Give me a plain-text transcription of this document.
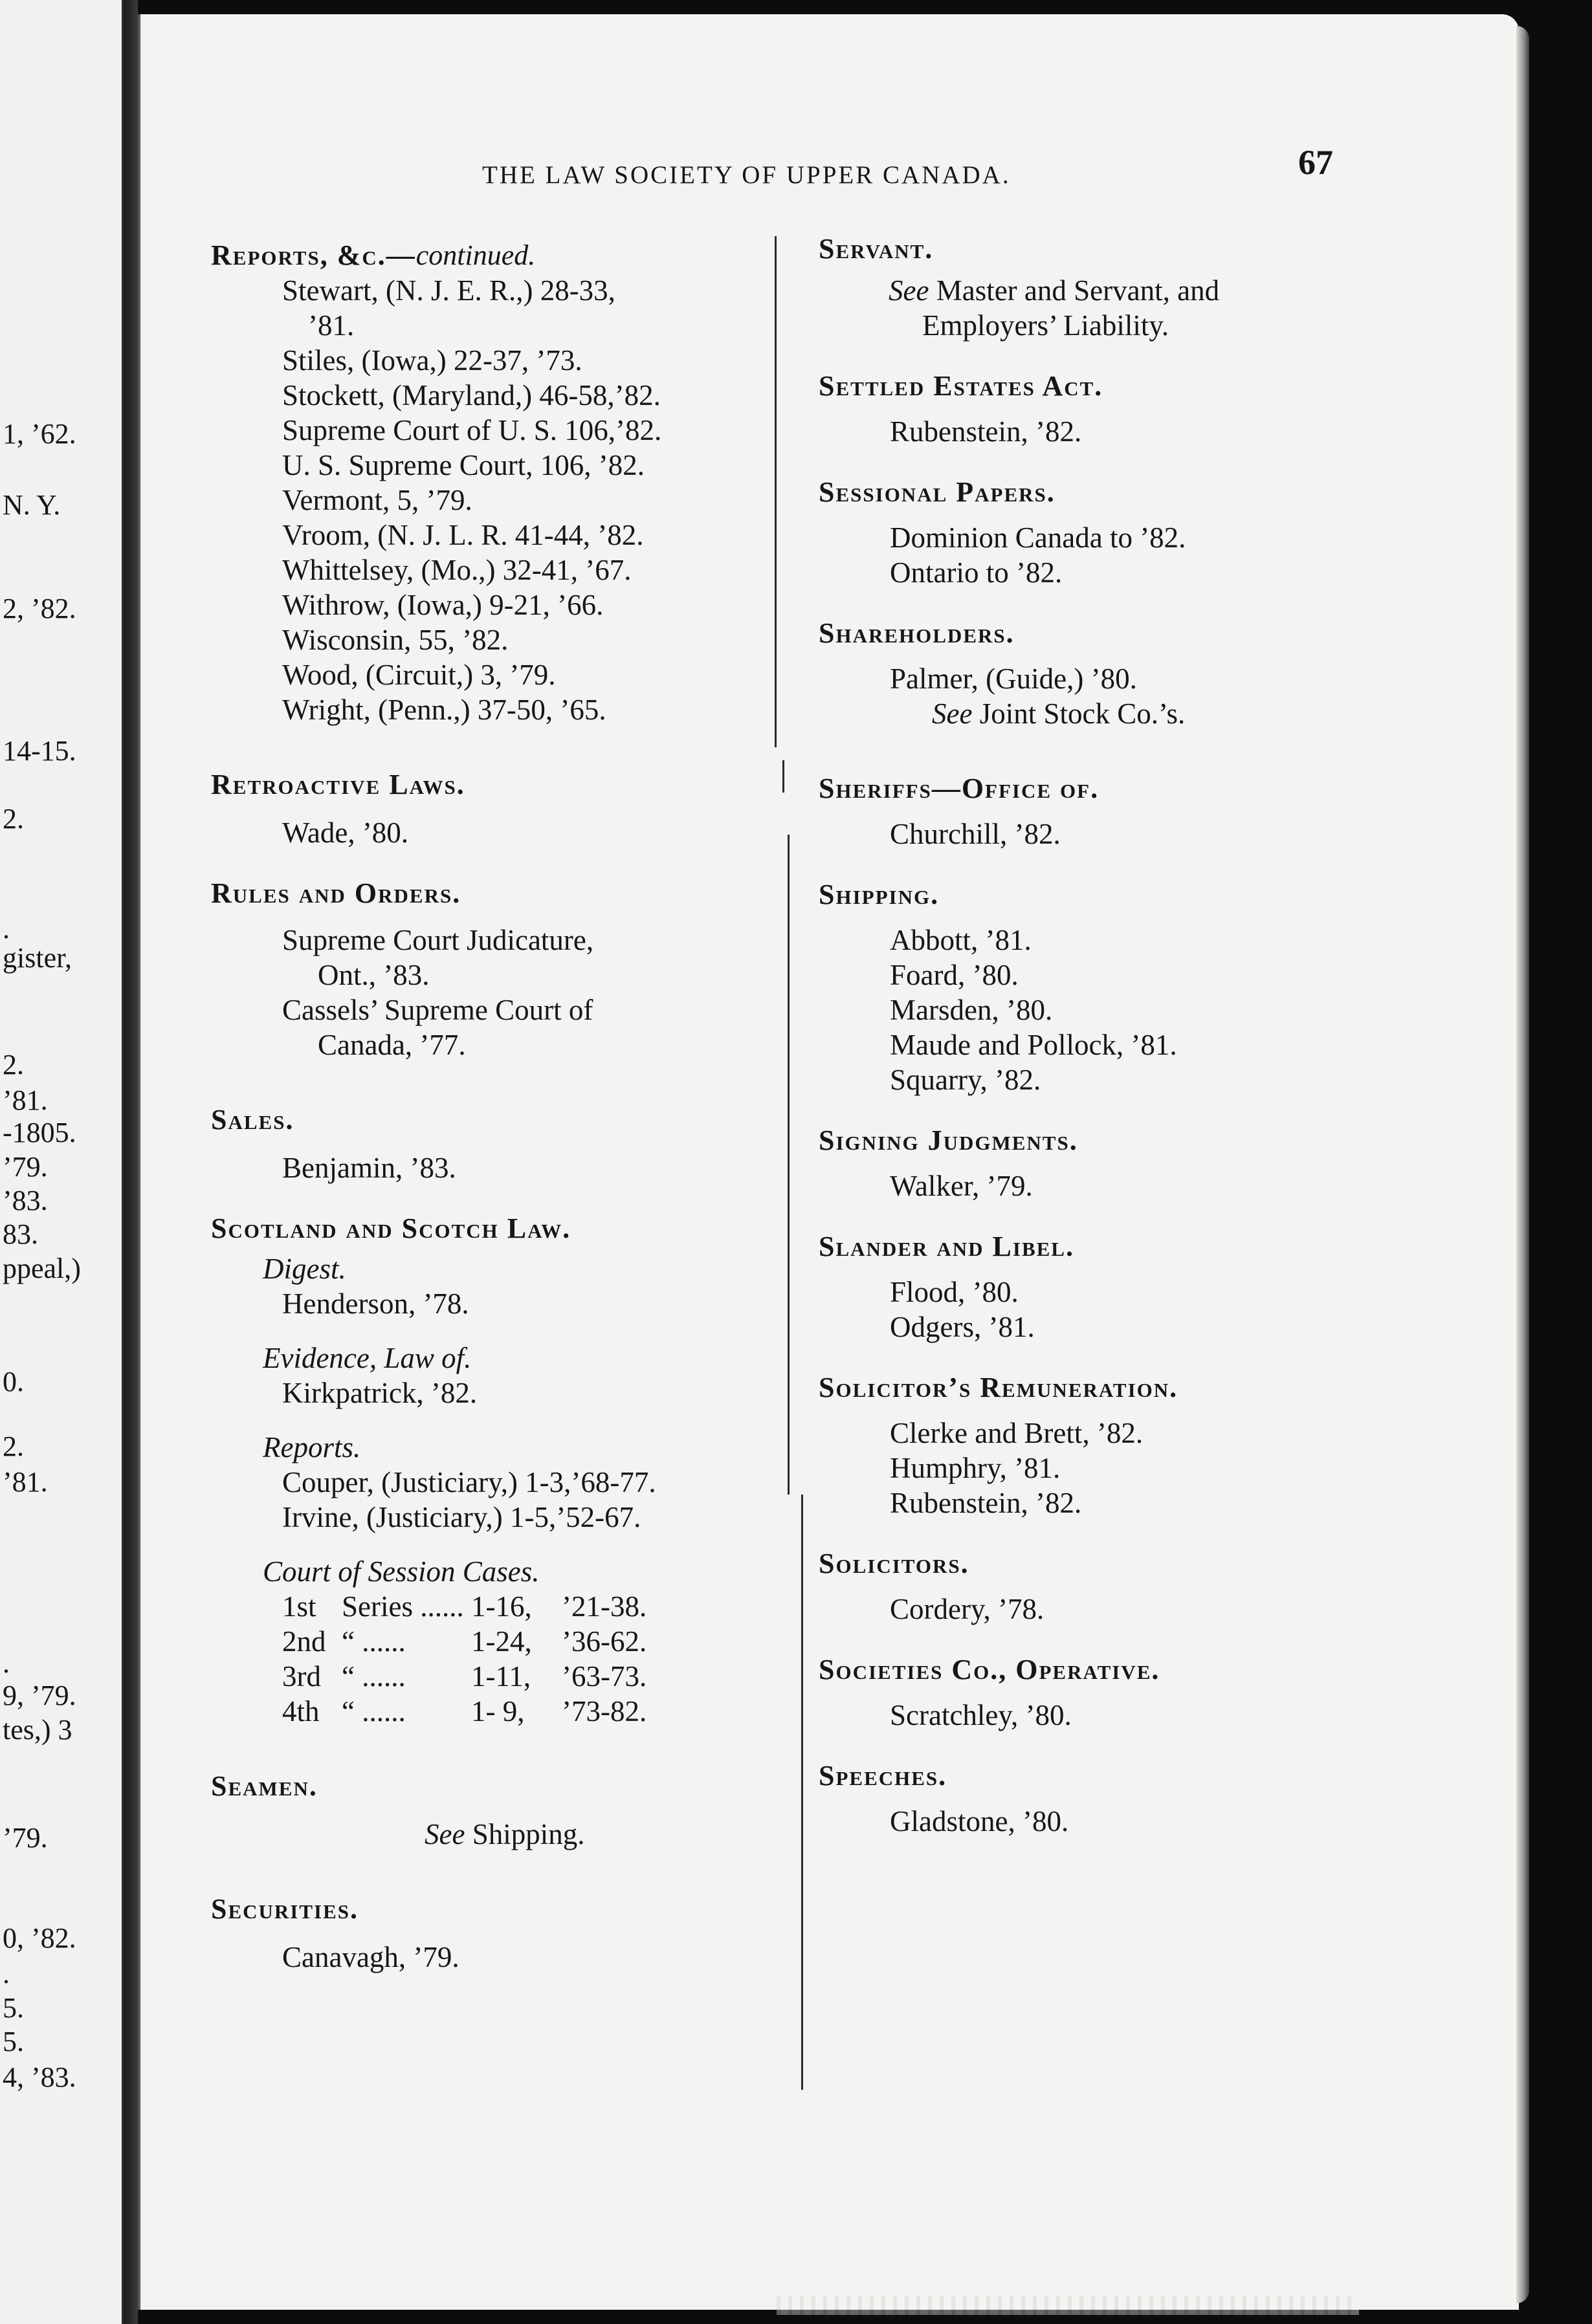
1, ’62.
N. Y.
2, ’82.
14-15.
2.
.
gister,
2.
’81.
-1805.
’79.
’83.
83.
ppeal,)
0.
2.
’81.
.
9, ’79.
tes,) 3
’79.
0, ’82.
.
5.
5.
4, ’83.
THE LAW SOCIETY OF UPPER CANADA.	67
Reports, &c.—continued.
Stewart, (N. J. E. R.,) 28-33,
’81.
Stiles, (Iowa,) 22-37, ’73.
Stockett, (Maryland,) 46-58,’82.
Supreme Court of U. S. 106,’82.
U. S. Supreme Court, 106, ’82.
Vermont, 5, ’79.
Vroom, (N. J. L. R. 41-44, ’82.
Whittelsey, (Mo.,) 32-41, ’67.
Withrow, (Iowa,) 9-21, ’66.
Wisconsin, 55, ’82.
Wood, (Circuit,) 3, ’79.
Wright, (Penn.,) 37-50, ’65.
Retroactive Laws.
Wade, ’80.
Rules and Orders.
Supreme Court Judicature,
Ont., ’83.
Cassels’ Supreme Court of
Canada, ’77.
Sales.
Benjamin, ’83.
Scotland and Scotch Law.
Digest.
Henderson, ’78.
Evidence, Law of.
Kirkpatrick, ’82.
Reports.
Couper, (Justiciary,) 1-3,’68-77.
Irvine, (Justiciary,) 1-5,’52-67.
Court of Session Cases.
1st Series ...... 1-16,	’21-38.
2nd “ ......	1-24,	’36-62.
3rd “ ......	1-11,	’63-73.
4th “ ......	1- 9,	’73-82.
Seamen.
See Shipping.
Securities.
Canavagh, ’79.
Servant.
See Master and Servant, and
Employers’ Liability.
Settled Estates Act.
Rubenstein, ’82.
Sessional Papers.
Dominion Canada to ’82.
Ontario to ’82.
Shareholders.
Palmer, (Guide,) ’80.
See Joint Stock Co.’s.
Sheriffs—Office of.
Churchill, ’82.
Shipping.
Abbott, ’81.
Foard, ’80.
Marsden, ’80.
Maude and Pollock, ’81.
Squarry, ’82.
Signing Judgments.
Walker, ’79.
Slander and Libel.
Flood, ’80.
Odgers, ’81.
Solicitor’s Remuneration.
Clerke and Brett, ’82.
Humphry, ’81.
Rubenstein, ’82.
Solicitors.
Cordery, ’78.
Societies Co., Operative.
Scratchley, ’80.
Speeches.
Gladstone, ’80.
